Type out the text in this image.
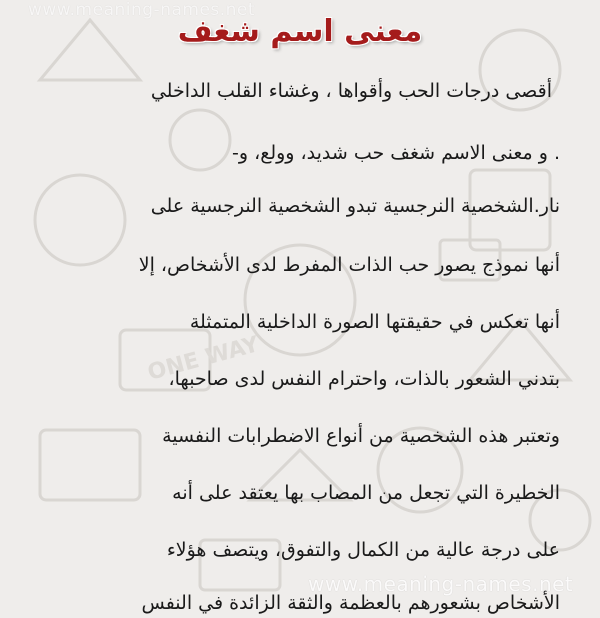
ONE WAY
www.meaning-names.net
معنى اسم شغف
أقصى درجات الحب وأقواها ، وغشاء القلب الداخلي
. و معنى الاسم شغف حب شديد، وولع، و-
نار.الشخصية النرجسية تبدو الشخصية النرجسية على
أنها نموذج يصور حب الذات المفرط لدى الأشخاص، إلا
أنها تعكس في حقيقتها الصورة الداخلية المتمثلة
بتدني الشعور بالذات، واحترام النفس لدى صاحبها،
وتعتبر هذه الشخصية من أنواع الاضطرابات النفسية
الخطيرة التي تجعل من المصاب بها يعتقد على أنه
على درجة عالية من الكمال والتفوق، ويتصف هؤلاء
الأشخاص بشعورهم بالعظمة والثقة الزائدة في النفس
www.meaning-names.net
